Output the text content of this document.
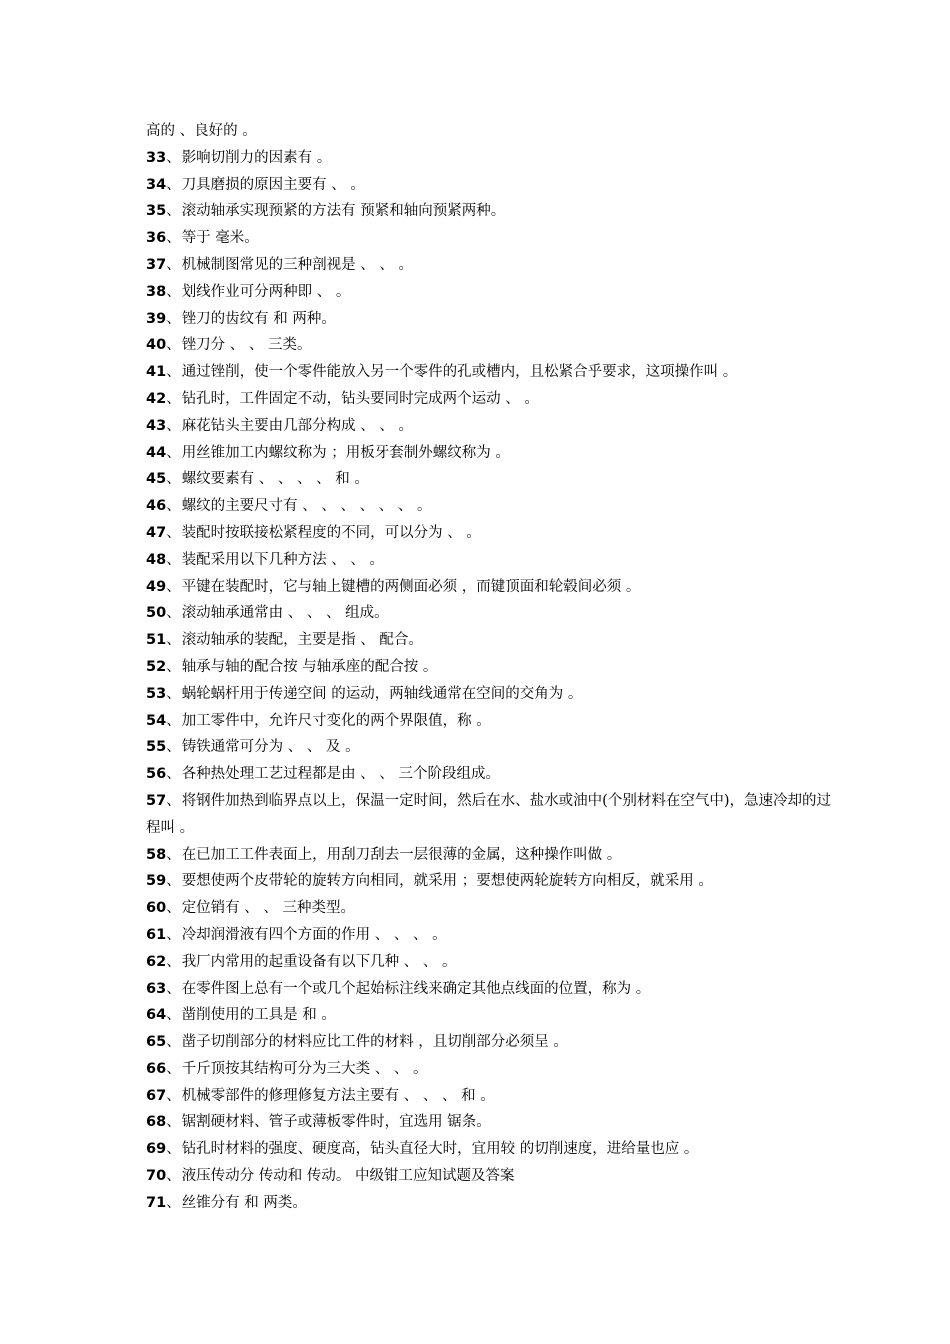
高的 、良好的 。
33、影响切削力的因素有 。
34、刀具磨损的原因主要有 、 。
35、滚动轴承实现预紧的方法有 预紧和轴向预紧两种。
36、等于 毫米。
37、机械制图常见的三种剖视是 、 、 。
38、划线作业可分两种即 、 。
39、锉刀的齿纹有 和 两种。
40、锉刀分 、 、 三类。
41、通过锉削，使一个零件能放入另一个零件的孔或槽内，且松紧合乎要求，这项操作叫 。
42、钻孔时，工件固定不动，钻头要同时完成两个运动 、 。
43、麻花钻头主要由几部分构成 、 、 。
44、用丝锥加工内螺纹称为 ；用板牙套制外螺纹称为 。
45、螺纹要素有 、 、 、 、 和 。
46、螺纹的主要尺寸有 、 、 、 、 、 、 。
47、装配时按联接松紧程度的不同，可以分为 、 。
48、装配采用以下几种方法 、 、 。
49、平键在装配时，它与轴上键槽的两侧面必须 ，而键顶面和轮毂间必须 。
50、滚动轴承通常由 、 、 、 组成。
51、滚动轴承的装配，主要是指 、 配合。
52、轴承与轴的配合按 与轴承座的配合按 。
53、蜗轮蜗杆用于传递空间 的运动，两轴线通常在空间的交角为 。
54、加工零件中，允许尺寸变化的两个界限值，称 。
55、铸铁通常可分为 、 、 及 。
56、各种热处理工艺过程都是由 、 、 三个阶段组成。
57、将钢件加热到临界点以上，保温一定时间，然后在水、盐水或油中(个别材料在空气中)，急速冷却的过程叫 。
58、在已加工工件表面上，用刮刀刮去一层很薄的金属，这种操作叫做 。
59、要想使两个皮带轮的旋转方向相同，就采用 ；要想使两轮旋转方向相反，就采用 。
60、定位销有 、 、 三种类型。
61、冷却润滑液有四个方面的作用 、 、 、 。
62、我厂内常用的起重设备有以下几种 、 、 。
63、在零件图上总有一个或几个起始标注线来确定其他点线面的位置，称为 。
64、凿削使用的工具是 和 。
65、凿子切削部分的材料应比工件的材料 ，且切削部分必须呈 。
66、千斤顶按其结构可分为三大类 、 、 。
67、机械零部件的修理修复方法主要有 、 、 、 和 。
68、锯割硬材料、管子或薄板零件时，宜选用 锯条。
69、钻孔时材料的强度、硬度高，钻头直径大时，宜用较 的切削速度，进给量也应 。
70、液压传动分 传动和 传动。 中级钳工应知试题及答案
71、丝锥分有 和 两类。
